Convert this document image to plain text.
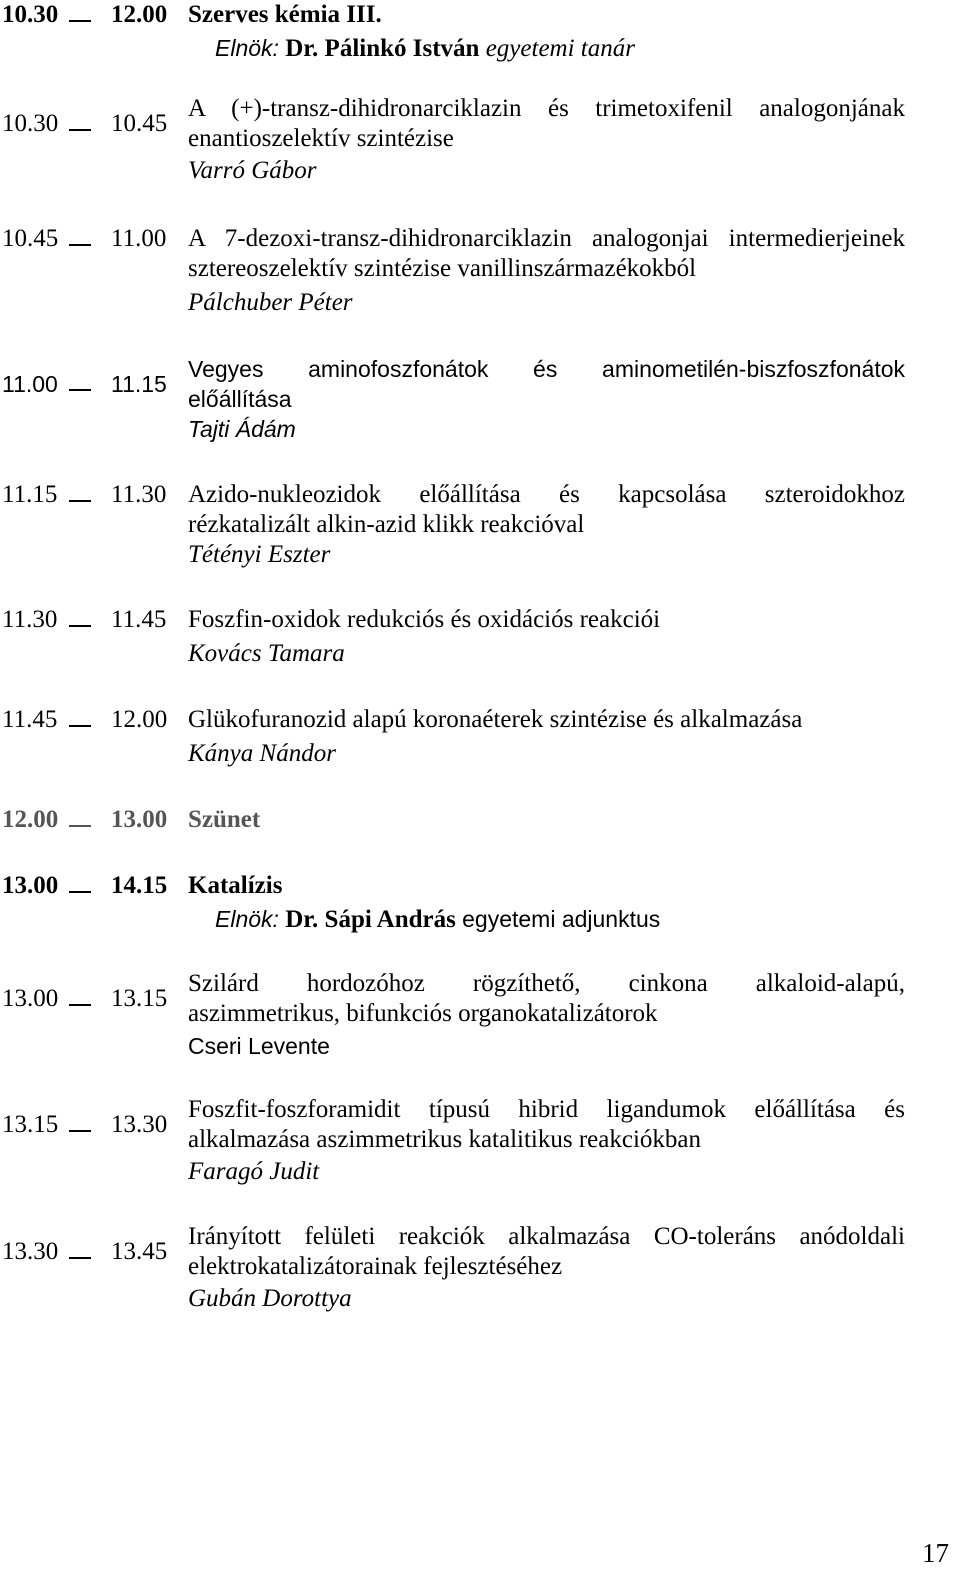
10.30 12.00 Szerves kémia III.
Elnök: Dr. Pálinkó István egyetemi tanár
10.30 10.45
A (+)-transz-dihidronarciklazin és trimetoxifenil analogonjának
enantioszelektív szintézise
Varró Gábor
10.45 11.00 A 7-dezoxi-transz-dihidronarciklazin analogonjai intermedierjeinek
sztereoszelektív szintézise vanillinszármazékokból
Pálchuber Péter
11.00 11.15
Vegyes aminofoszfonátok és aminometilén-biszfoszfonátok
előállítása
Tajti Ádám
11.15 11.30 Azido-nukleozidok előállítása és kapcsolása szteroidokhoz
rézkatalizált alkin-azid klikk reakcióval
Tétényi Eszter
11.30 11.45 Foszfin-oxidok redukciós és oxidációs reakciói
Kovács Tamara
11.45 12.00 Glükofuranozid alapú koronaéterek szintézise és alkalmazása
Kánya Nándor
12.00 13.00 Szünet
13.00 14.15 Katalízis
Elnök: Dr. Sápi András egyetemi adjunktus
13.00 13.15
Szilárd hordozóhoz rögzíthető, cinkona alkaloid-alapú,
aszimmetrikus, bifunkciós organokatalizátorok
Cseri Levente
13.15 13.30
Foszfit-foszforamidit típusú hibrid ligandumok előállítása és
alkalmazása aszimmetrikus katalitikus reakciókban
Faragó Judit
13.30 13.45
Irányított felületi reakciók alkalmazása CO-toleráns anódoldali
elektrokatalizátorainak fejlesztéséhez
Gubán Dorottya
17
